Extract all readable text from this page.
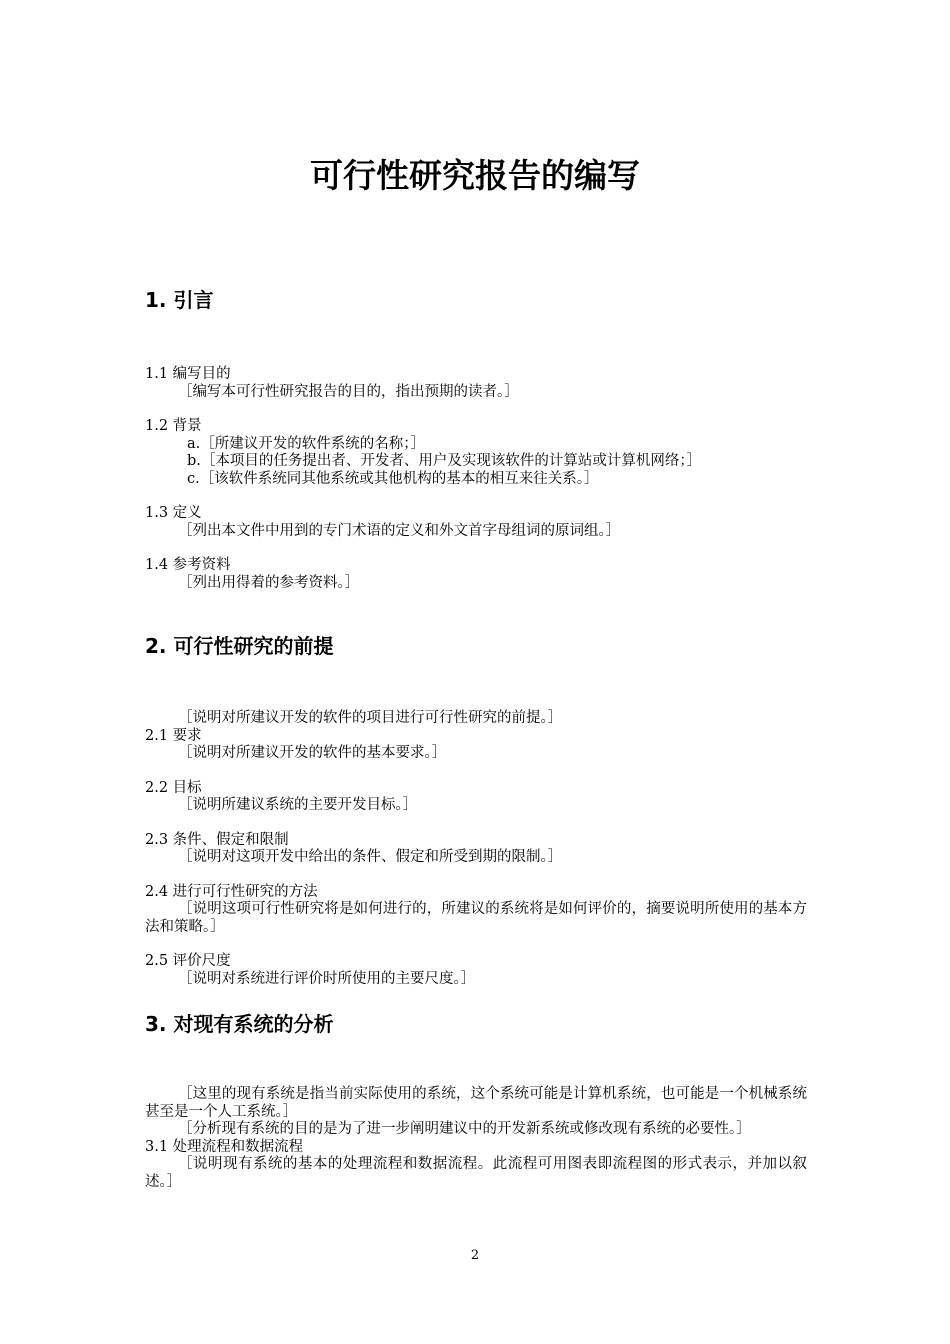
可行性研究报告的编写
1. 引言
1.1 编写目的
［编写本可行性研究报告的目的，指出预期的读者。］
1.2 背景
a.［所建议开发的软件系统的名称；］
b.［本项目的任务提出者、开发者、用户及实现该软件的计算站或计算机网络；］
c.［该软件系统同其他系统或其他机构的基本的相互来往关系。］
1.3 定义
［列出本文件中用到的专门术语的定义和外文首字母组词的原词组。］
1.4 参考资料
［列出用得着的参考资料。］
2. 可行性研究的前提
［说明对所建议开发的软件的项目进行可行性研究的前提。］
2.1 要求
［说明对所建议开发的软件的基本要求。］
2.2 目标
［说明所建议系统的主要开发目标。］
2.3 条件、假定和限制
［说明对这项开发中给出的条件、假定和所受到期的限制。］
2.4 进行可行性研究的方法
［说明这项可行性研究将是如何进行的，所建议的系统将是如何评价的，摘要说明所使用的基本方法和策略。］
2.5 评价尺度
［说明对系统进行评价时所使用的主要尺度。］
3. 对现有系统的分析
［这里的现有系统是指当前实际使用的系统，这个系统可能是计算机系统，也可能是一个机械系统甚至是一个人工系统。］
［分析现有系统的目的是为了进一步阐明建议中的开发新系统或修改现有系统的必要性。］
3.1 处理流程和数据流程
［说明现有系统的基本的处理流程和数据流程。此流程可用图表即流程图的形式表示，并加以叙述。］
2
